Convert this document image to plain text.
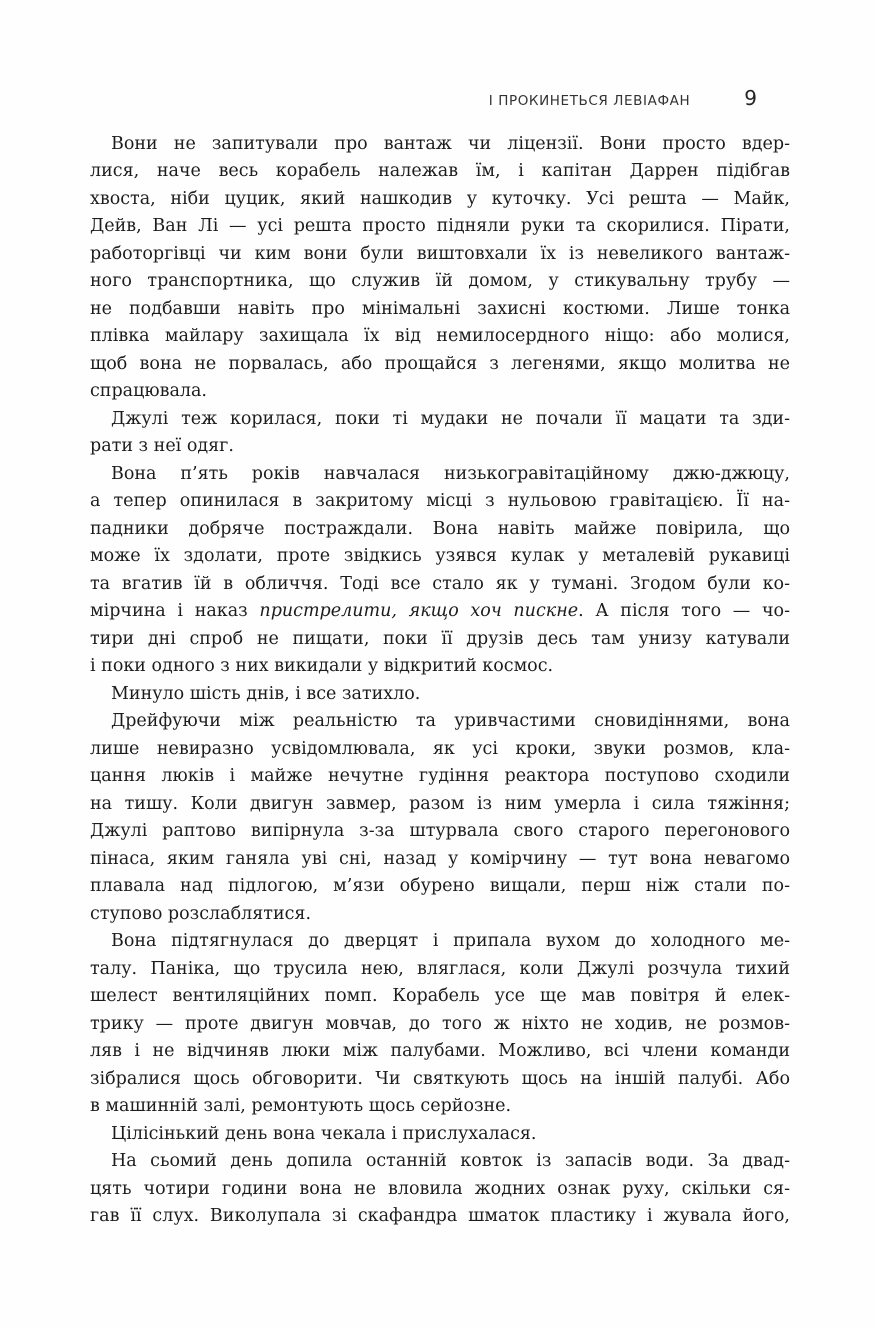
І ПРОКИНЕТЬСЯ ЛЕВІАФАН	9
Вони не запитували про вантаж чи ліцензії. Вони просто вдер-
лися, наче весь корабель належав їм, і капітан Даррен підібгав
хвоста, ніби цуцик, який нашкодив у куточку. Усі решта — Майк,
Дейв, Ван Лі — усі решта просто підняли руки та скорилися. Пірати,
работоргівці чи ким вони були виштовхали їх із невеликого вантаж-
ного транспортника, що служив їй домом, у стикувальну трубу —
не подбавши навіть про мінімальні захисні костюми. Лише тонка
плівка майлару захищала їх від немилосердного ніщо: або молися,
щоб вона не порвалась, або прощайся з легенями, якщо молитва не
спрацювала.
Джулі теж корилася, поки ті мудаки не почали її мацати та зди-
рати з неї одяг.
Вона п’ять років навчалася низькогравітаційному джю-джюцу,
а тепер опинилася в закритому місці з нульовою гравітацією. Її на-
падники добряче постраждали. Вона навіть майже повірила, що
може їх здолати, проте звідкись узявся кулак у металевій рукавиці
та вгатив їй в обличчя. Тоді все стало як у тумані. Згодом були ко-
мірчина і наказ пристрелити, якщо хоч пискне. А після того — чо-
тири дні спроб не пищати, поки її друзів десь там унизу катували
і поки одного з них викидали у відкритий космос.
Минуло шість днів, і все затихло.
Дрейфуючи між реальністю та уривчастими сновидіннями, вона
лише невиразно усвідомлювала, як усі кроки, звуки розмов, кла-
цання люків і майже нечутне гудіння реактора поступово сходили
на тишу. Коли двигун завмер, разом із ним умерла і сила тяжіння;
Джулі раптово випірнула з-за штурвала свого старого перегонового
пінаса, яким ганяла уві сні, назад у комірчину — тут вона невагомо
плавала над підлогою, м’язи обурено вищали, перш ніж стали по-
ступово розслаблятися.
Вона підтягнулася до дверцят і припала вухом до холодного ме-
талу. Паніка, що трусила нею, вляглася, коли Джулі розчула тихий
шелест вентиляційних помп. Корабель усе ще мав повітря й елек-
трику — проте двигун мовчав, до того ж ніхто не ходив, не розмов-
ляв і не відчиняв люки між палубами. Можливо, всі члени команди
зібралися щось обговорити. Чи святкують щось на іншій палубі. Або
в машинній залі, ремонтують щось серйозне.
Цілісінький день вона чекала і прислухалася.
На сьомий день допила останній ковток із запасів води. За двад-
цять чотири години вона не вловила жодних ознак руху, скільки ся-
гав її слух. Виколупала зі скафандра шматок пластику і жувала його,
